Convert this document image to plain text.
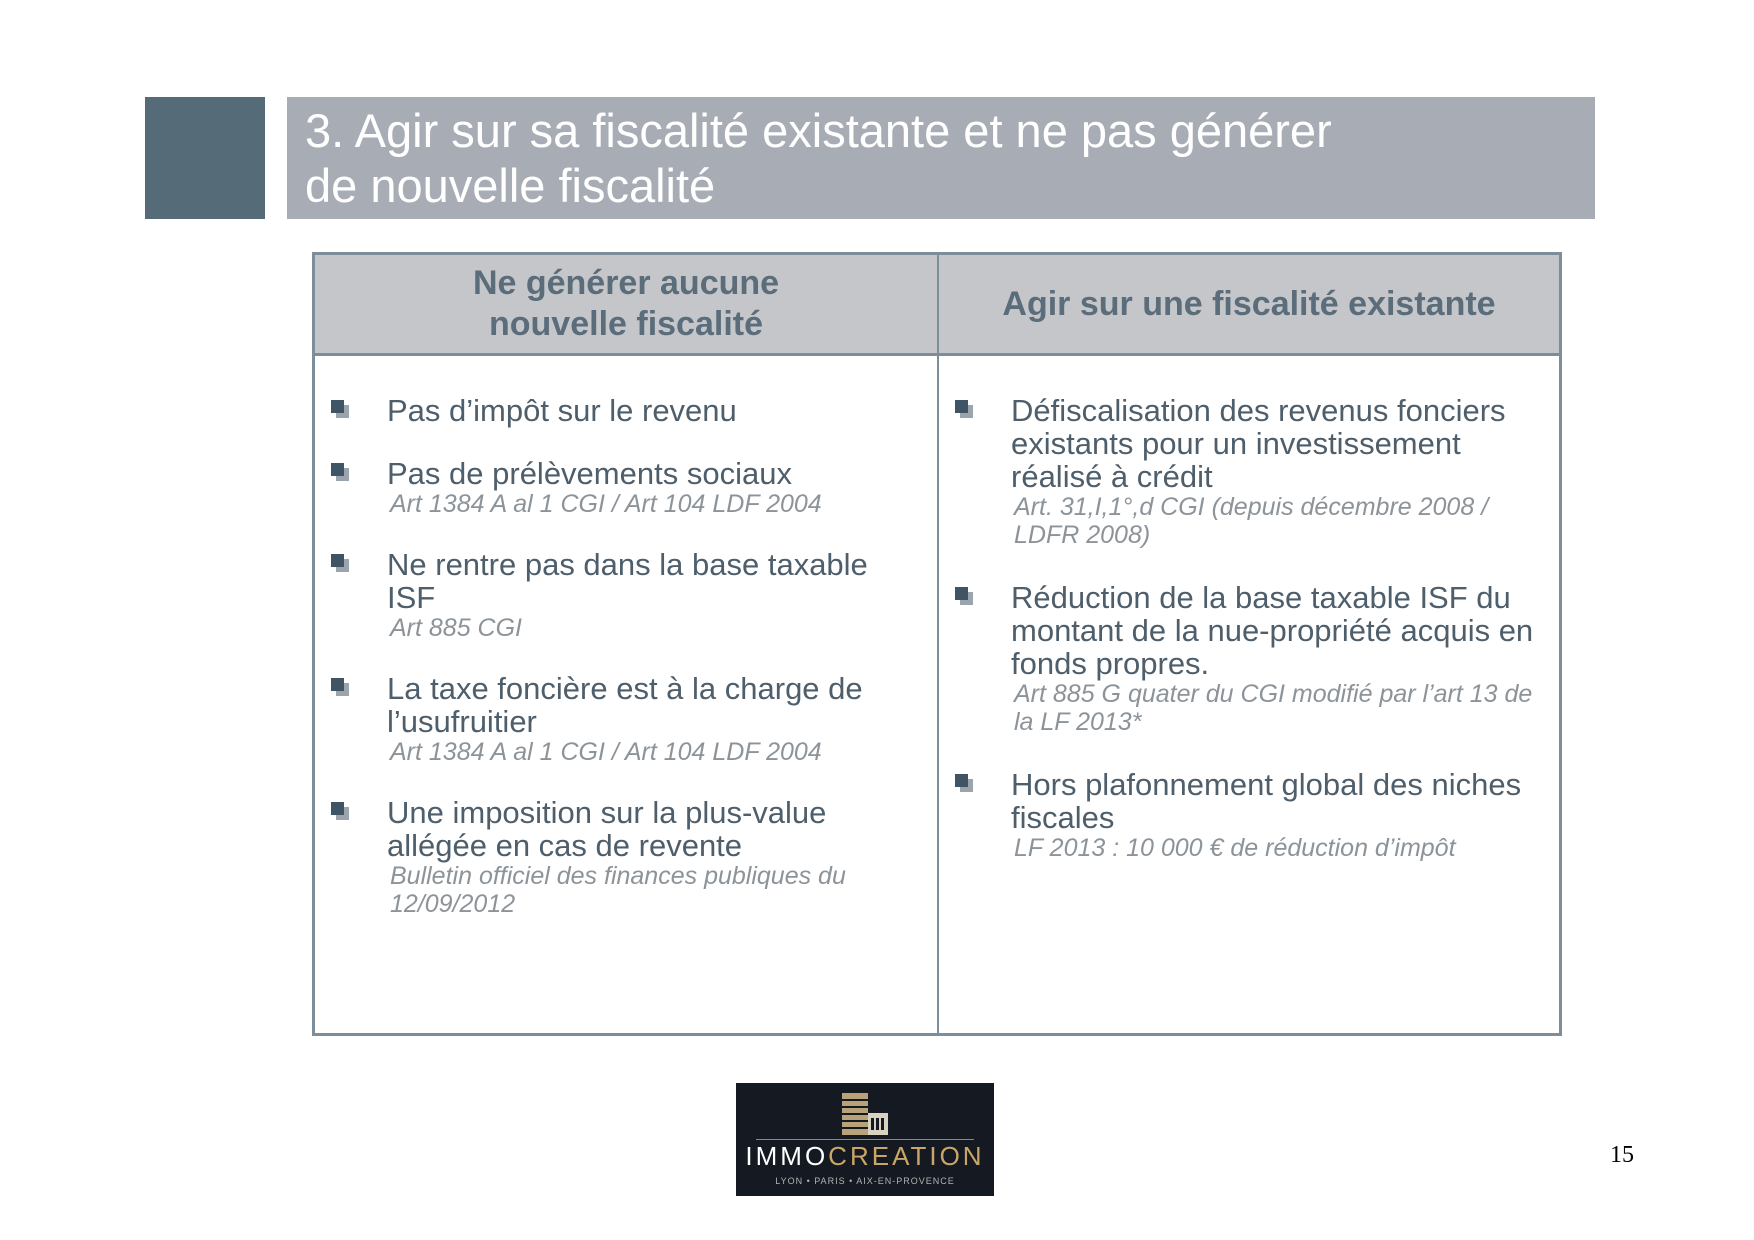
3. Agir sur sa fiscalité existante et ne pas générer
de nouvelle fiscalité
Ne générer aucune
nouvelle fiscalité
Agir sur une fiscalité existante
Pas d’impôt sur le revenu
Pas de prélèvements sociaux
Art 1384 A al 1 CGI / Art 104 LDF 2004
Ne rentre pas dans la base taxable ISF
Art 885 CGI
La taxe foncière est à la charge de l’usufruitier
Art 1384 A al 1 CGI / Art 104 LDF 2004
Une imposition sur la plus-value allégée en cas de revente
Bulletin officiel des finances publiques du 12/09/2012
Défiscalisation des revenus fonciers existants pour un investissement réalisé à crédit
Art. 31,I,1°,d CGI (depuis décembre 2008 / LDFR 2008)
Réduction de la base taxable ISF du montant de la nue-propriété acquis en fonds propres.
Art 885 G quater du CGI modifié par l’art 13 de la LF 2013*
Hors plafonnement global des niches fiscales
LF 2013 : 10 000 € de réduction d’impôt
IMMOCREATION
LYON • PARIS • AIX-EN-PROVENCE
15
